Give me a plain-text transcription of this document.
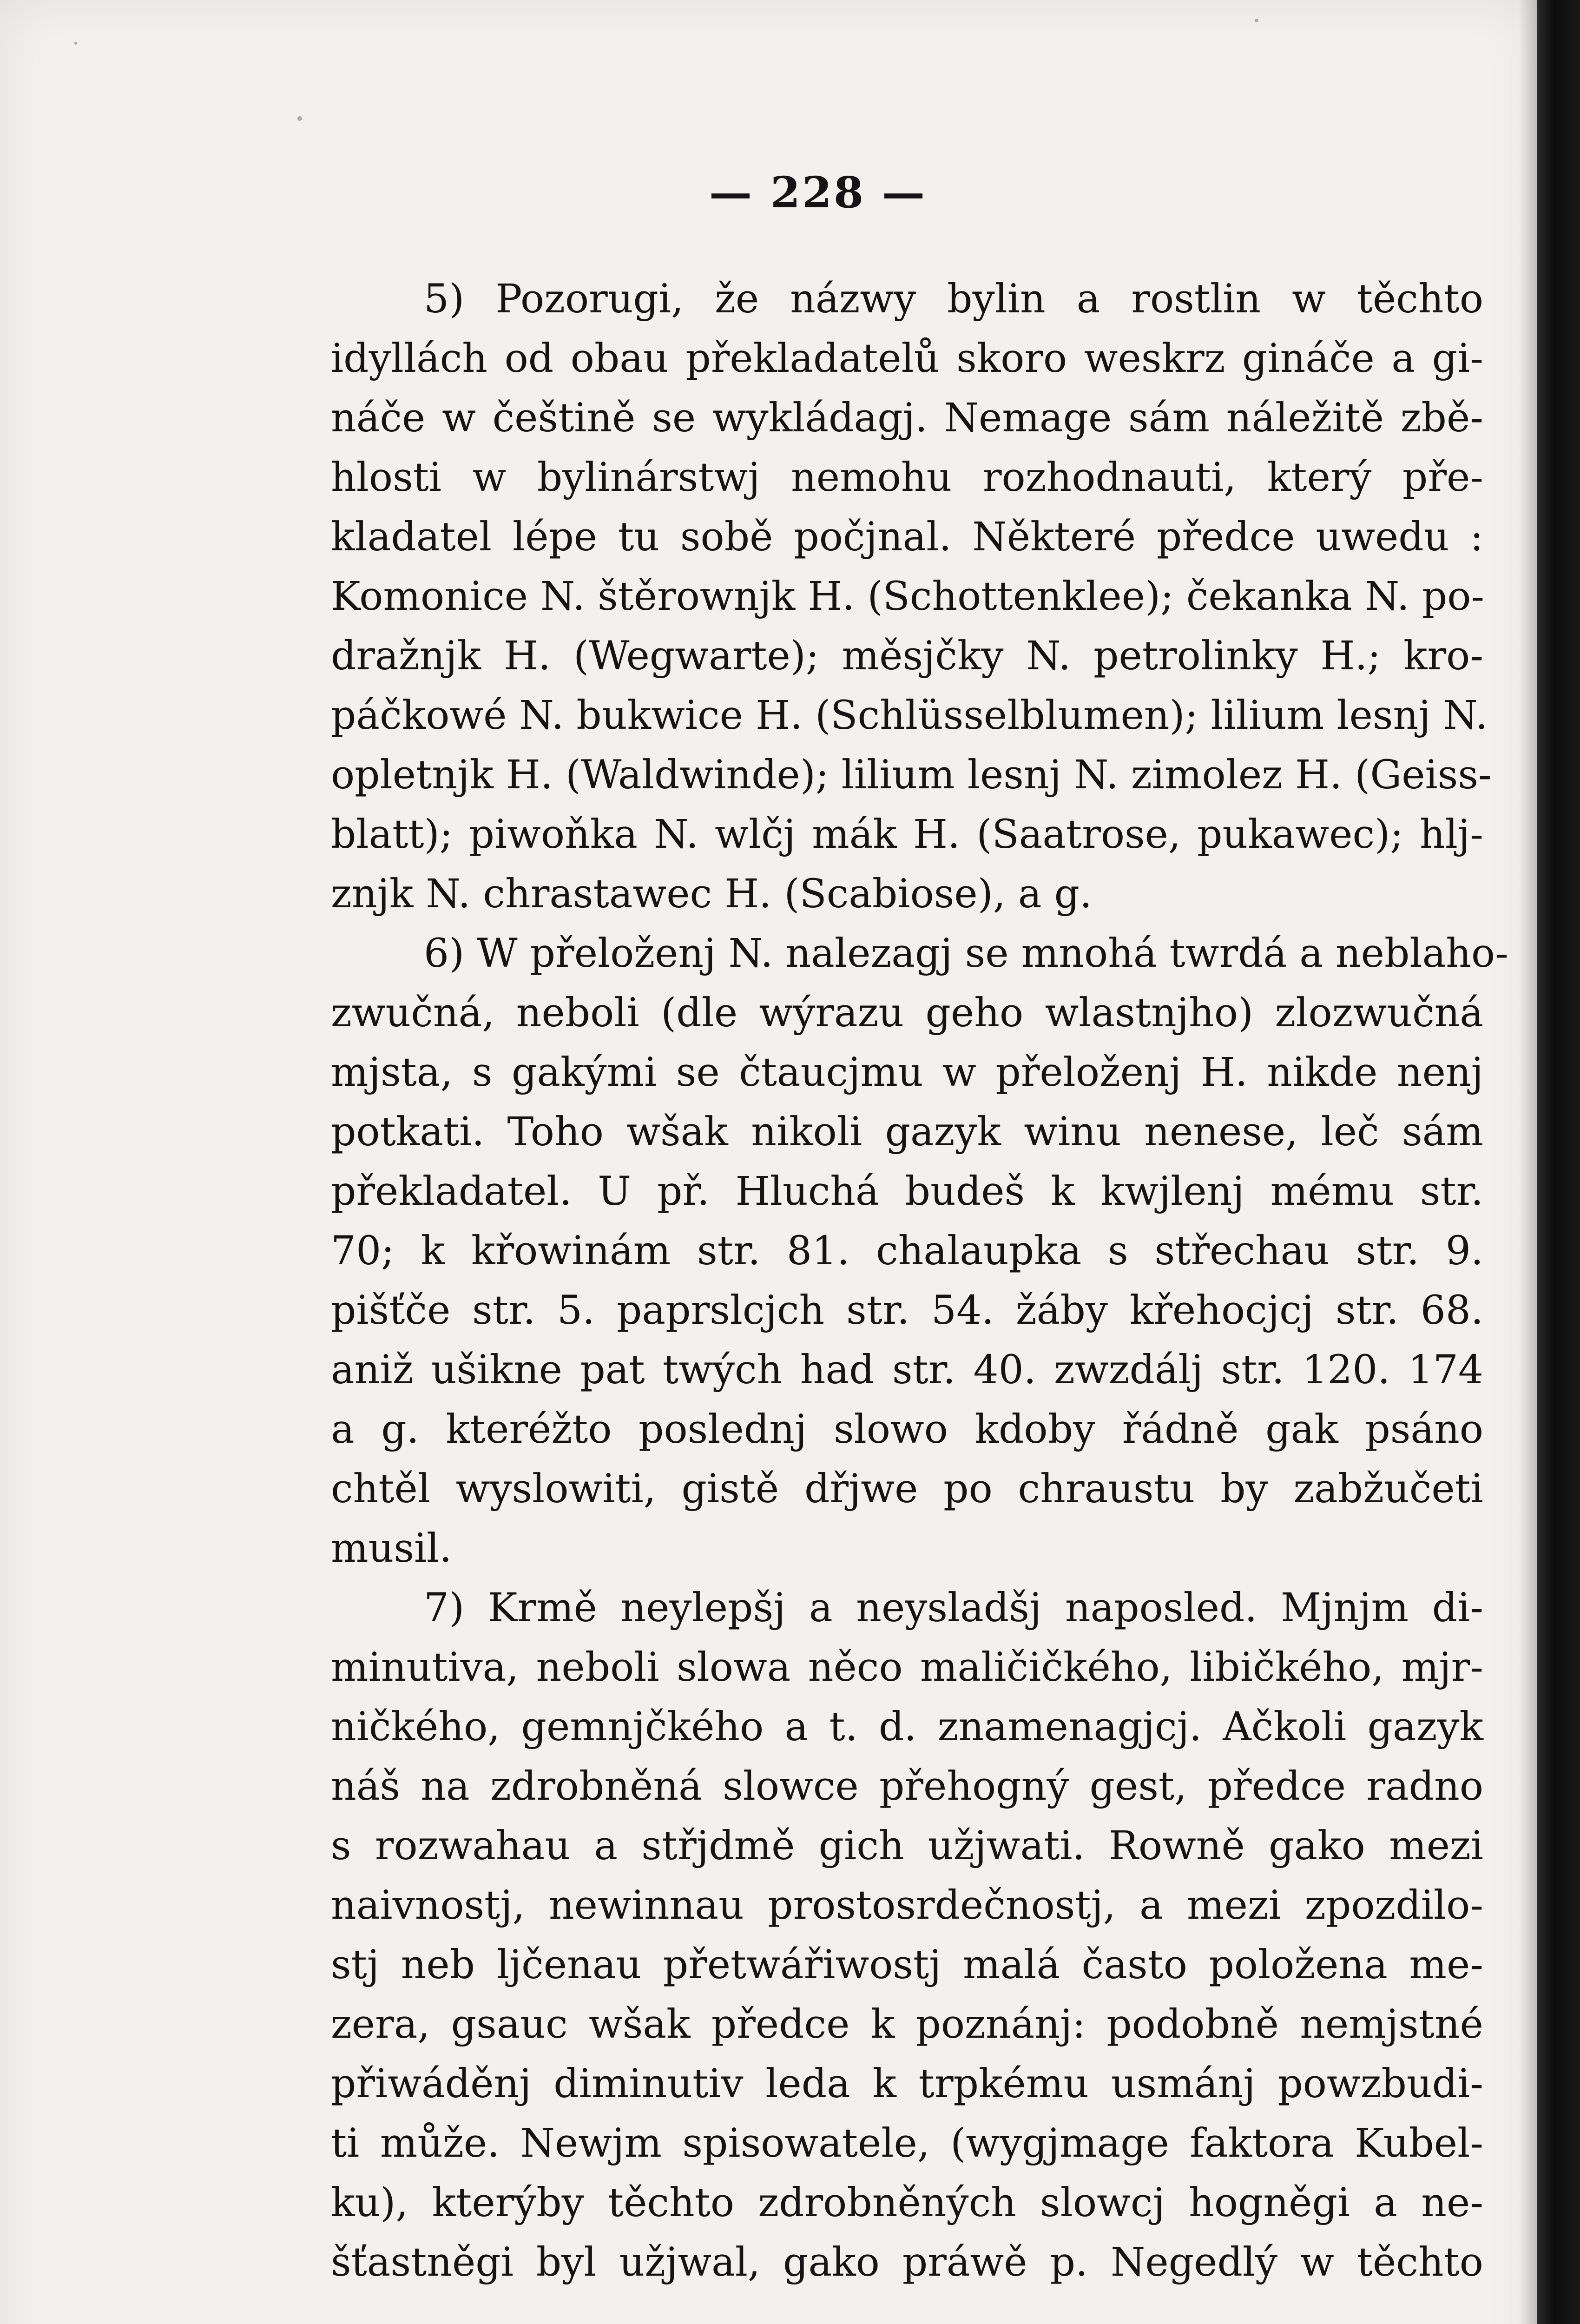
— 228 —
5) Pozorugi, že názwy bylin a rostlin w těchto
idyllách od obau překladatelů skoro weskrz gináče a gi-
náče w češtině se wykládagj. Nemage sám náležitě zbě-
hlosti w bylinárstwj nemohu rozhodnauti, který pře-
kladatel lépe tu sobě počjnal. Některé předce uwedu :
Komonice N. štěrownjk H. (Schottenklee); čekanka N. po-
dražnjk H. (Wegwarte); měsjčky N. petrolinky H.; kro-
páčkowé N. bukwice H. (Schlüsselblumen); lilium lesnj N.
opletnjk H. (Waldwinde); lilium lesnj N. zimolez H. (Geiss-
blatt); piwoňka N. wlčj mák H. (Saatrose, pukawec); hlj-
znjk N. chrastawec H. (Scabiose), a g.
6) W přeloženj N. nalezagj se mnohá twrdá a neblaho-
zwučná, neboli (dle wýrazu geho wlastnjho) zlozwučná
mjsta, s gakými se čtaucjmu w přeloženj H. nikde nenj
potkati. Toho wšak nikoli gazyk winu nenese, leč sám
překladatel. U př. Hluchá budeš k kwjlenj mému str.
70; k křowinám str. 81. chalaupka s střechau str. 9.
pišťče str. 5. paprslcjch str. 54. žáby křehocjcj str. 68.
aniž ušikne pat twých had str. 40. zwzdálj str. 120. 174
a g. kteréžto poslednj slowo kdoby řádně gak psáno
chtěl wyslowiti, gistě dřjwe po chraustu by zabžučeti
musil.
7) Krmě neylepšj a neysladšj naposled. Mjnjm di-
minutiva, neboli slowa něco maličičkého, libičkého, mjr-
ničkého, gemnjčkého a t. d. znamenagjcj. Ačkoli gazyk
náš na zdrobněná slowce přehogný gest, předce radno
s rozwahau a střjdmě gich užjwati. Rowně gako mezi
naivnostj, newinnau prostosrdečnostj, a mezi zpozdilo-
stj neb ljčenau přetwářiwostj malá často položena me-
zera, gsauc wšak předce k poznánj: podobně nemjstné
přiwáděnj diminutiv leda k trpkému usmánj powzbudi-
ti může. Newjm spisowatele, (wygjmage faktora Kubel-
ku), kterýby těchto zdrobněných slowcj hogněgi a ne-
šťastněgi byl užjwal, gako práwě p. Negedlý w těchto
